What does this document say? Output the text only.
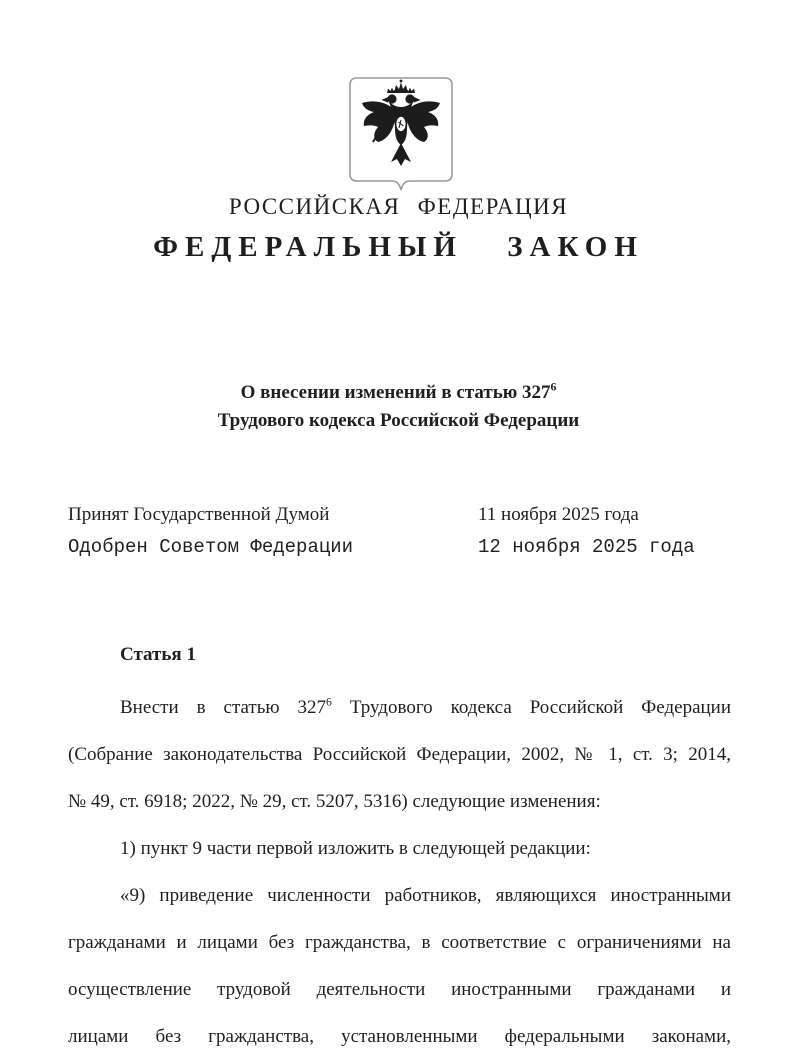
РОССИЙСКАЯ ФЕДЕРАЦИЯ
ФЕДЕРАЛЬНЫЙ ЗАКОН
О внесении изменений в статью $327^6$
Трудового кодекса Российской Федерации
Принят Государственной Думой	11 ноября 2025 года
Одобрен Советом Федерации	12 ноября 2025 года
Статья 1
Внести в статью $327^6$ Трудового кодекса Российской Федерации
(Собрание законодательства Российской Федерации, 2002, № 1, ст. 3; 2014,
№ 49, ст. 6918; 2022, № 29, ст. 5207, 5316) следующие изменения:
1) пункт 9 части первой изложить в следующей редакции:
«9) приведение численности работников, являющихся иностранными
гражданами и лицами без гражданства, в соответствие с ограничениями на
осуществление трудовой деятельности иностранными гражданами и
лицами без гражданства, установленными федеральными законами,
